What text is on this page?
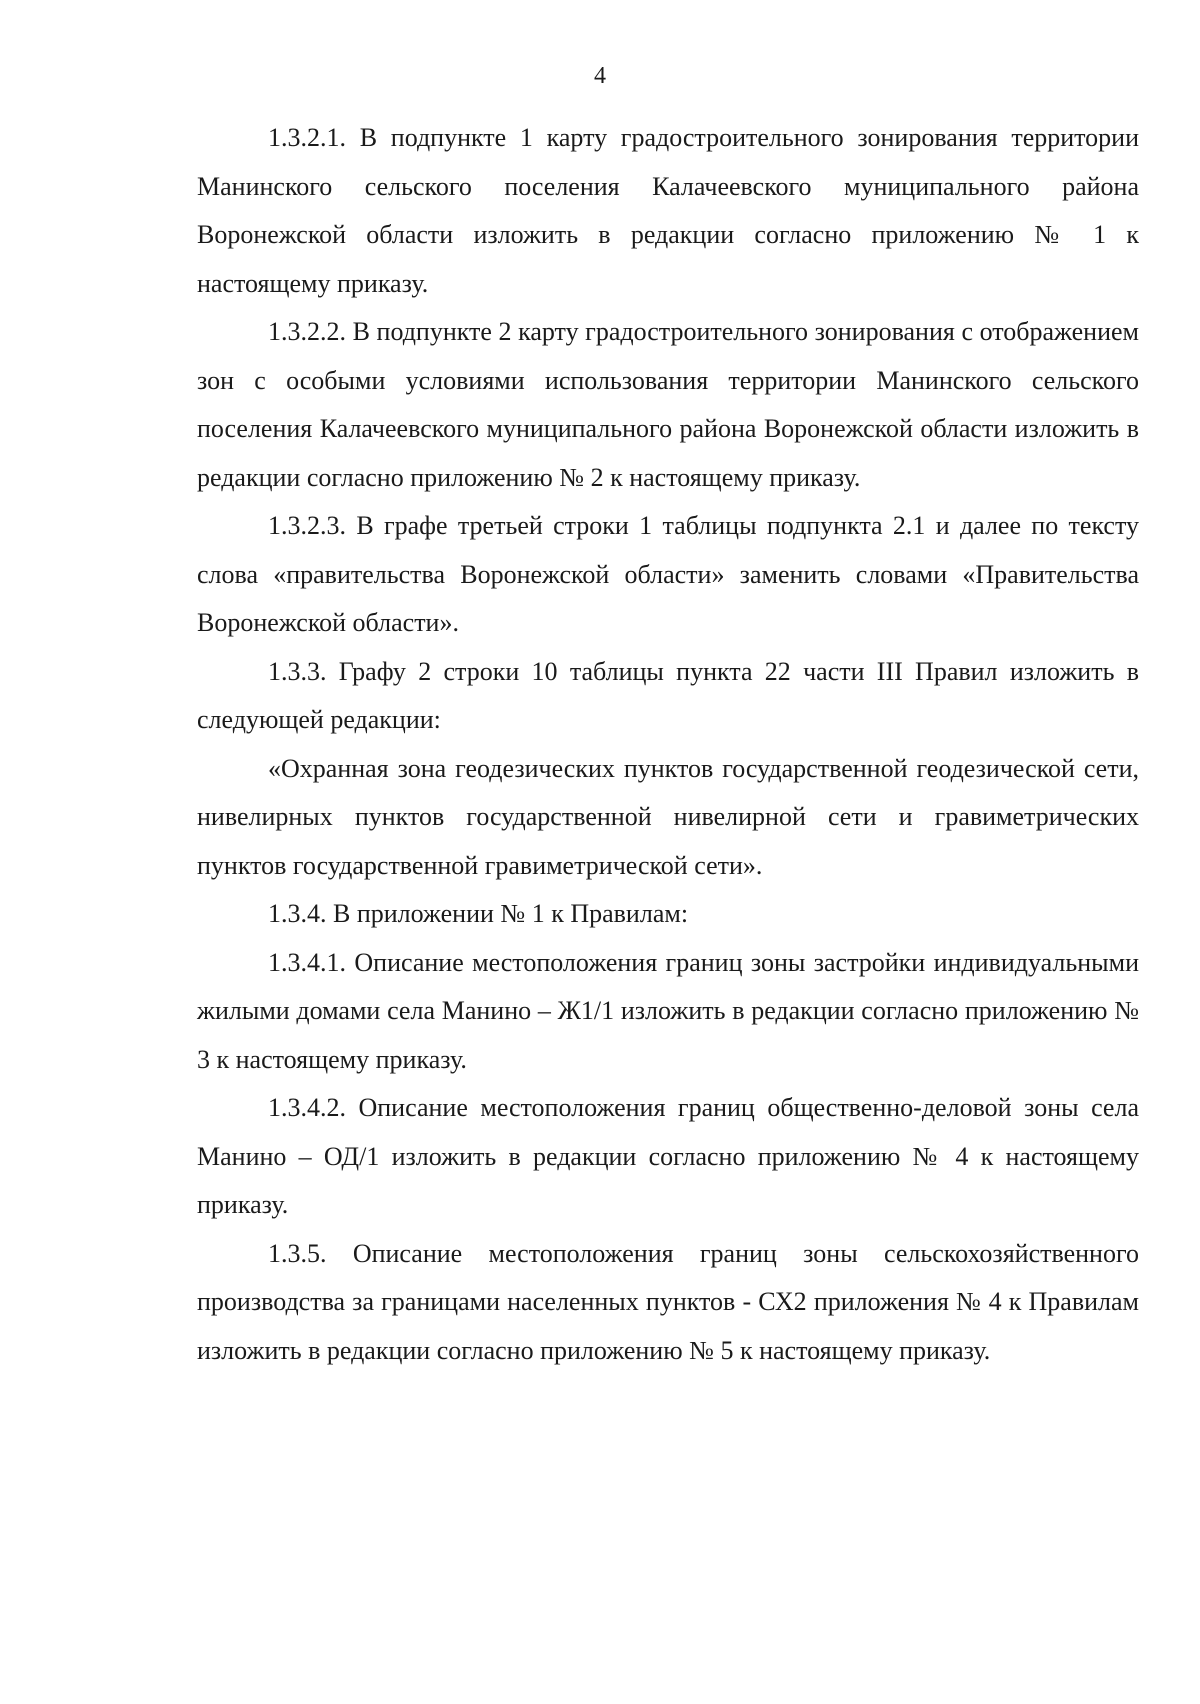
4

1.3.2.1. В подпункте 1 карту градостроительного зонирования территории Манинского сельского поселения Калачеевского муниципального района Воронежской области изложить в редакции согласно приложению № 1 к настоящему приказу.

1.3.2.2. В подпункте 2 карту градостроительного зонирования с отображением зон с особыми условиями использования территории Манинского сельского поселения Калачеевского муниципального района Воронежской области изложить в редакции согласно приложению № 2 к настоящему приказу.

1.3.2.3. В графе третьей строки 1 таблицы подпункта 2.1 и далее по тексту слова «правительства Воронежской области» заменить словами «Правительства Воронежской области».

1.3.3. Графу 2 строки 10 таблицы пункта 22 части III Правил изложить в следующей редакции:

«Охранная зона геодезических пунктов государственной геодезической сети, нивелирных пунктов государственной нивелирной сети и гравиметрических пунктов государственной гравиметрической сети».

1.3.4. В приложении № 1 к Правилам:

1.3.4.1. Описание местоположения границ зоны застройки индивидуальными жилыми домами села Манино – Ж1/1 изложить в редакции согласно приложению № 3 к настоящему приказу.

1.3.4.2. Описание местоположения границ общественно-деловой зоны села Манино – ОД/1 изложить в редакции согласно приложению № 4 к настоящему приказу.

1.3.5. Описание местоположения границ зоны сельскохозяйственного производства за границами населенных пунктов - СХ2 приложения № 4 к Правилам изложить в редакции согласно приложению № 5 к настоящему приказу.
